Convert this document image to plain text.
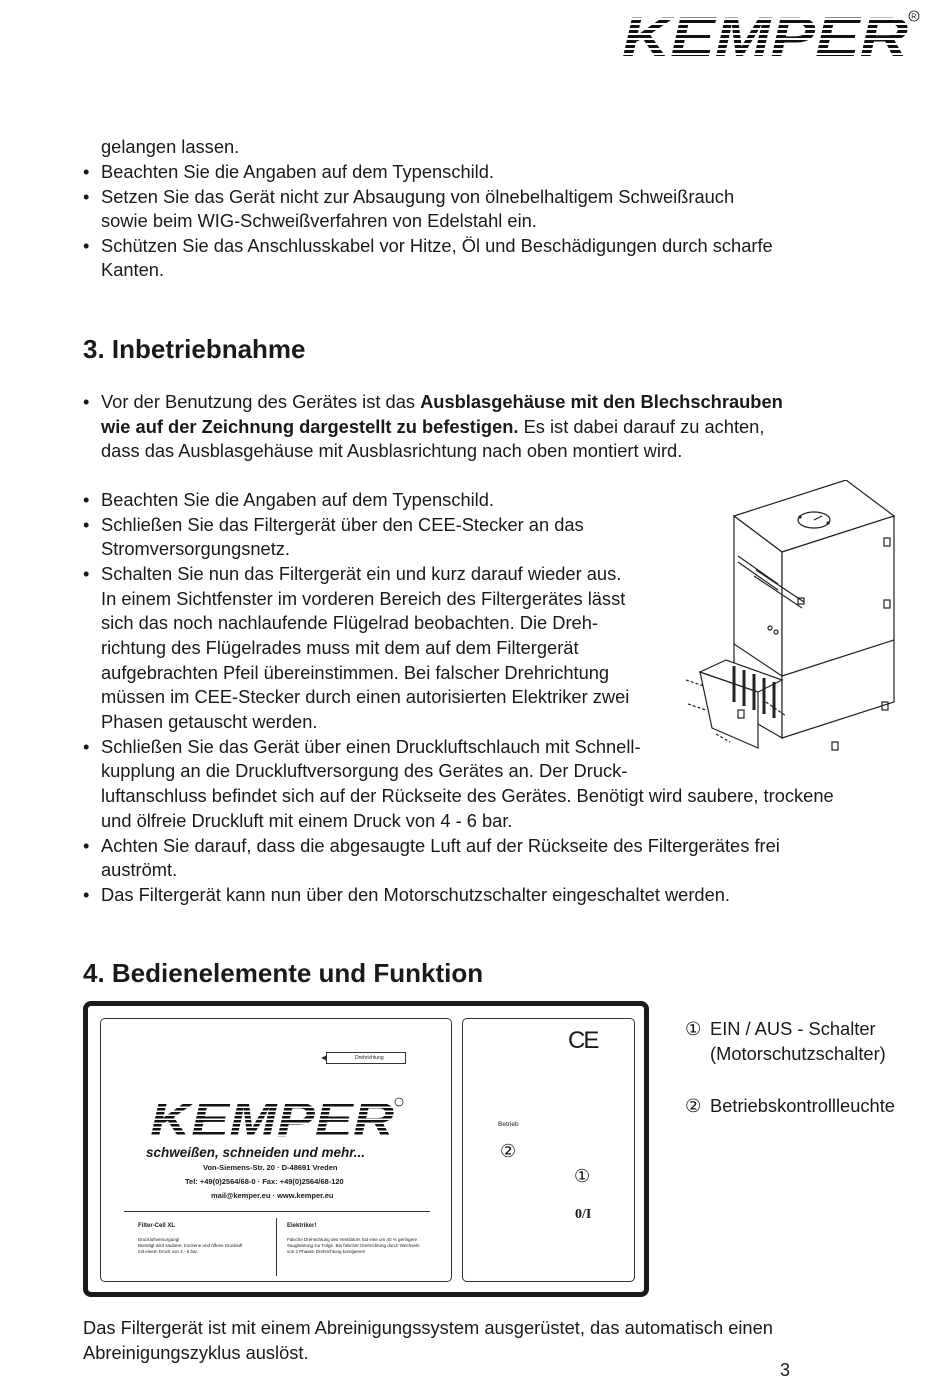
KEMPER R
gelangen lassen.
• Beachten Sie die Angaben auf dem Typenschild.
• Setzen Sie das Gerät nicht zur Absaugung von ölnebelhaltigem Schweißrauch
sowie beim WIG-Schweißverfahren von Edelstahl ein.
• Schützen Sie das Anschlusskabel vor Hitze, Öl und Beschädigungen durch scharfe
Kanten.
3. Inbetriebnahme
• Vor der Benutzung des Gerätes ist das Ausblasgehäuse mit den Blechschrauben
wie auf der Zeichnung dargestellt zu befestigen. Es ist dabei darauf zu achten,
dass das Ausblasgehäuse mit Ausblasrichtung nach oben montiert wird.
• Beachten Sie die Angaben auf dem Typenschild.
• Schließen Sie das Filtergerät über den CEE-Stecker an das
Stromversorgungsnetz.
• Schalten Sie nun das Filtergerät ein und kurz darauf wieder aus.
In einem Sichtfenster im vorderen Bereich des Filtergerätes lässt
sich das noch nachlaufende Flügelrad beobachten. Die Dreh-
richtung des Flügelrades muss mit dem auf dem Filtergerät
aufgebrachten Pfeil übereinstimmen. Bei falscher Drehrichtung
müssen im CEE-Stecker durch einen autorisierten Elektriker zwei
Phasen getauscht werden.
• Schließen Sie das Gerät über einen Druckluftschlauch mit Schnell-
kupplung an die Druckluftversorgung des Gerätes an. Der Druck-
luftanschluss befindet sich auf der Rückseite des Gerätes. Benötigt wird saubere, trockene
und ölfreie Druckluft mit einem Druck von 4 - 6 bar.
• Achten Sie darauf, dass die abgesaugte Luft auf der Rückseite des Filtergerätes frei
auströmt.
• Das Filtergerät kann nun über den Motorschutzschalter eingeschaltet werden.
4. Bedienelemente und Funktion
Drehrichtung
KEMPER
schweißen, schneiden und mehr...
Von-Siemens-Str. 20 · D-48691 Vreden
Tel: +49(0)2564/68-0 · Fax: +49(0)2564/68-120
mail@kemper.eu · www.kemper.eu
Filter-Cell XL
Druckluftversorgung!
Benötigt wird saubere, trockene und ölfreie Druckluft
mit einem Druck von 4 - 6 bar.
Elektriker!
Falsche Drehrichtung des Ventilators hat eine um 40 % geringere
Saugleistung zur Folge. Bei falscher Drehrichtung durch Wechseln
von 2 Phasen Drehrichtung korrigieren!
CE
Betrieb
②
①
0/I
① EIN / AUS - Schalter
(Motorschutzschalter)
② Betriebskontrollleuchte
Das Filtergerät ist mit einem Abreinigungssystem ausgerüstet, das automatisch einen
Abreinigungszyklus auslöst.
3
